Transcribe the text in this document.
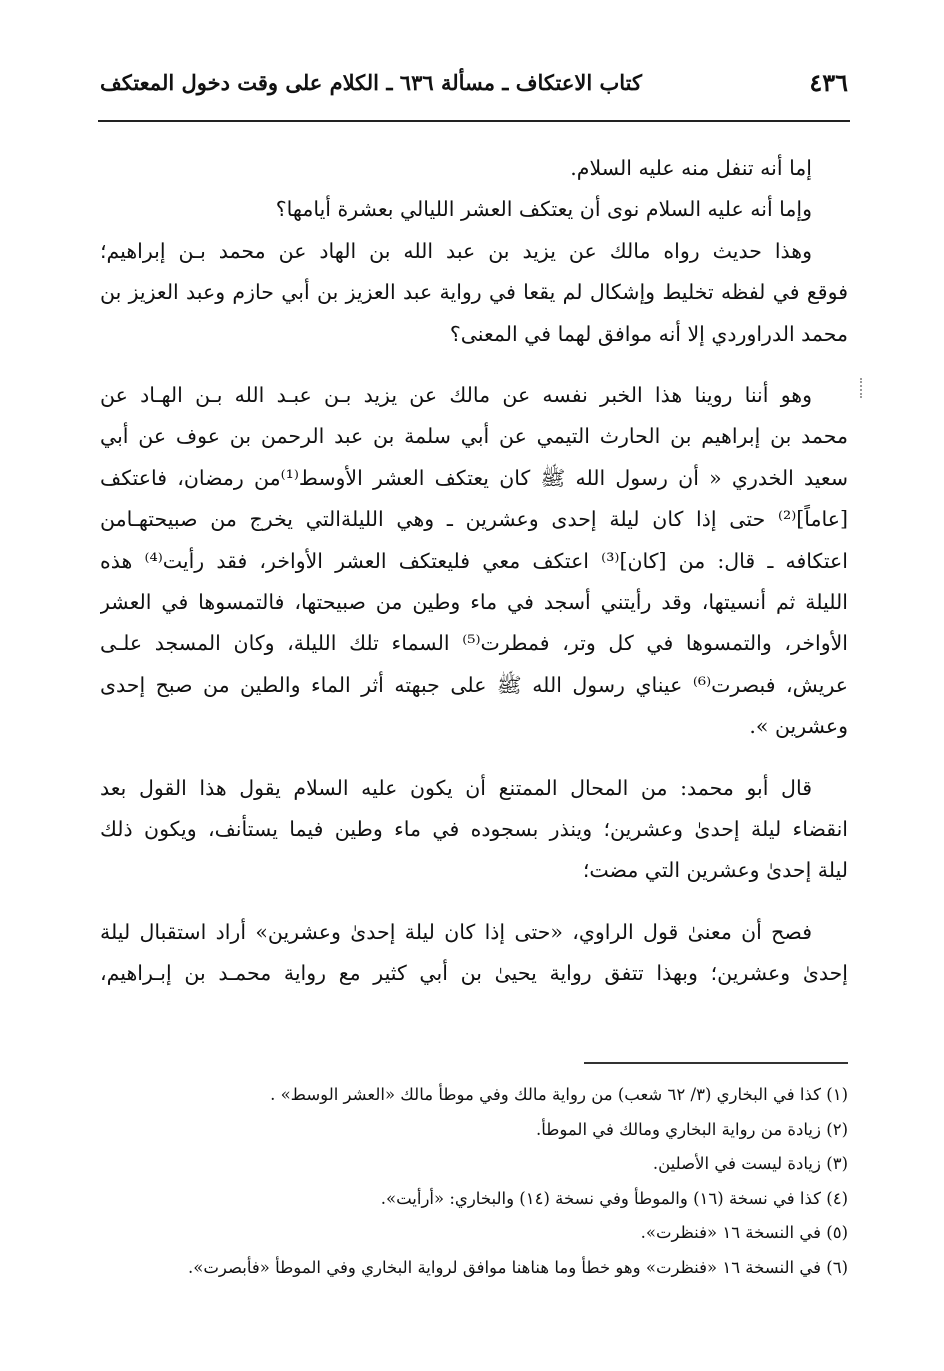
٤٣٦
كتاب الاعتكاف ـ مسألة ٦٣٦ ـ الكلام على وقت دخول المعتكف
إما أنه تنفل منه عليه السلام.
وإما أنه عليه السلام نوى أن يعتكف العشر الليالي بعشرة أيامها؟
وهذا حديث رواه مالك عن يزيد بن عبد الله بن الهاد عن محمد بـن إبراهيم؛
فوقع في لفظه تخليط وإشكال لم يقعا في رواية عبد العزيز بن أبي حازم وعبد العزيز بن
محمد الدراوردي إلا أنه موافق لهما في المعنى؟
وهو أننا روينا هذا الخبر نفسه عن مالك عن يزيد بـن عبـد الله بـن الهـاد عن
محمد بن إبراهيم بن الحارث التيمي عن أبي سلمة بن عبد الرحمن بن عوف عن أبي
سعيد الخدري « أن رسول الله ﷺ كان يعتكف العشر الأوسط⁽¹⁾من رمضان، فاعتكف
[عاماً]⁽²⁾ حتى إذا كان ليلة إحدى وعشرين ـ وهي الليلةالتي يخرج من صبيحتهـامن
اعتكافه ـ قال: من [كان]⁽³⁾ اعتكف معي فليعتكف العشر الأواخر، فقد رأيت⁽⁴⁾ هذه
الليلة ثم أنسيتها، وقد رأيتني أسجد في ماء وطين من صبيحتها، فالتمسوها في العشر
الأواخر، والتمسوها في كل وتر، فمطرت⁽⁵⁾ السماء تلك الليلة، وكان المسجد علـى
عريش، فبصرت⁽⁶⁾ عيناي رسول الله ﷺ على جبهته أثر الماء والطين من صبح إحدى
وعشرين ».
قال أبو محمد: من المحال الممتنع أن يكون عليه السلام يقول هذا القول بعد
انقضاء ليلة إحدىٰ وعشرين؛ وينذر بسجوده في ماء وطين فيما يستأنف، ويكون ذلك
ليلة إحدىٰ وعشرين التي مضت؛
فصح أن معنىٰ قول الراوي، «حتى إذا كان ليلة إحدىٰ وعشرين» أراد استقبال ليلة
إحدىٰ وعشرين؛ وبهذا تتفق رواية يحيىٰ بن أبي كثير مع رواية محمـد بن إبـراهيم،
(١) كذا في البخاري (٣/ ٦٢ شعب) من رواية مالك وفي موطأ مالك «العشر الوسط» .
(٢) زيادة من رواية البخاري ومالك في الموطأ.
(٣) زيادة ليست في الأصلين.
(٤) كذا في نسخة (١٦) والموطأ وفي نسخة (١٤) والبخاري: «أرأيت».
(٥) في النسخة ١٦ «فنظرت».
(٦) في النسخة ١٦ «فنظرت» وهو خطأ وما هناهنا موافق لرواية البخاري وفي الموطأ «فأبصرت».
